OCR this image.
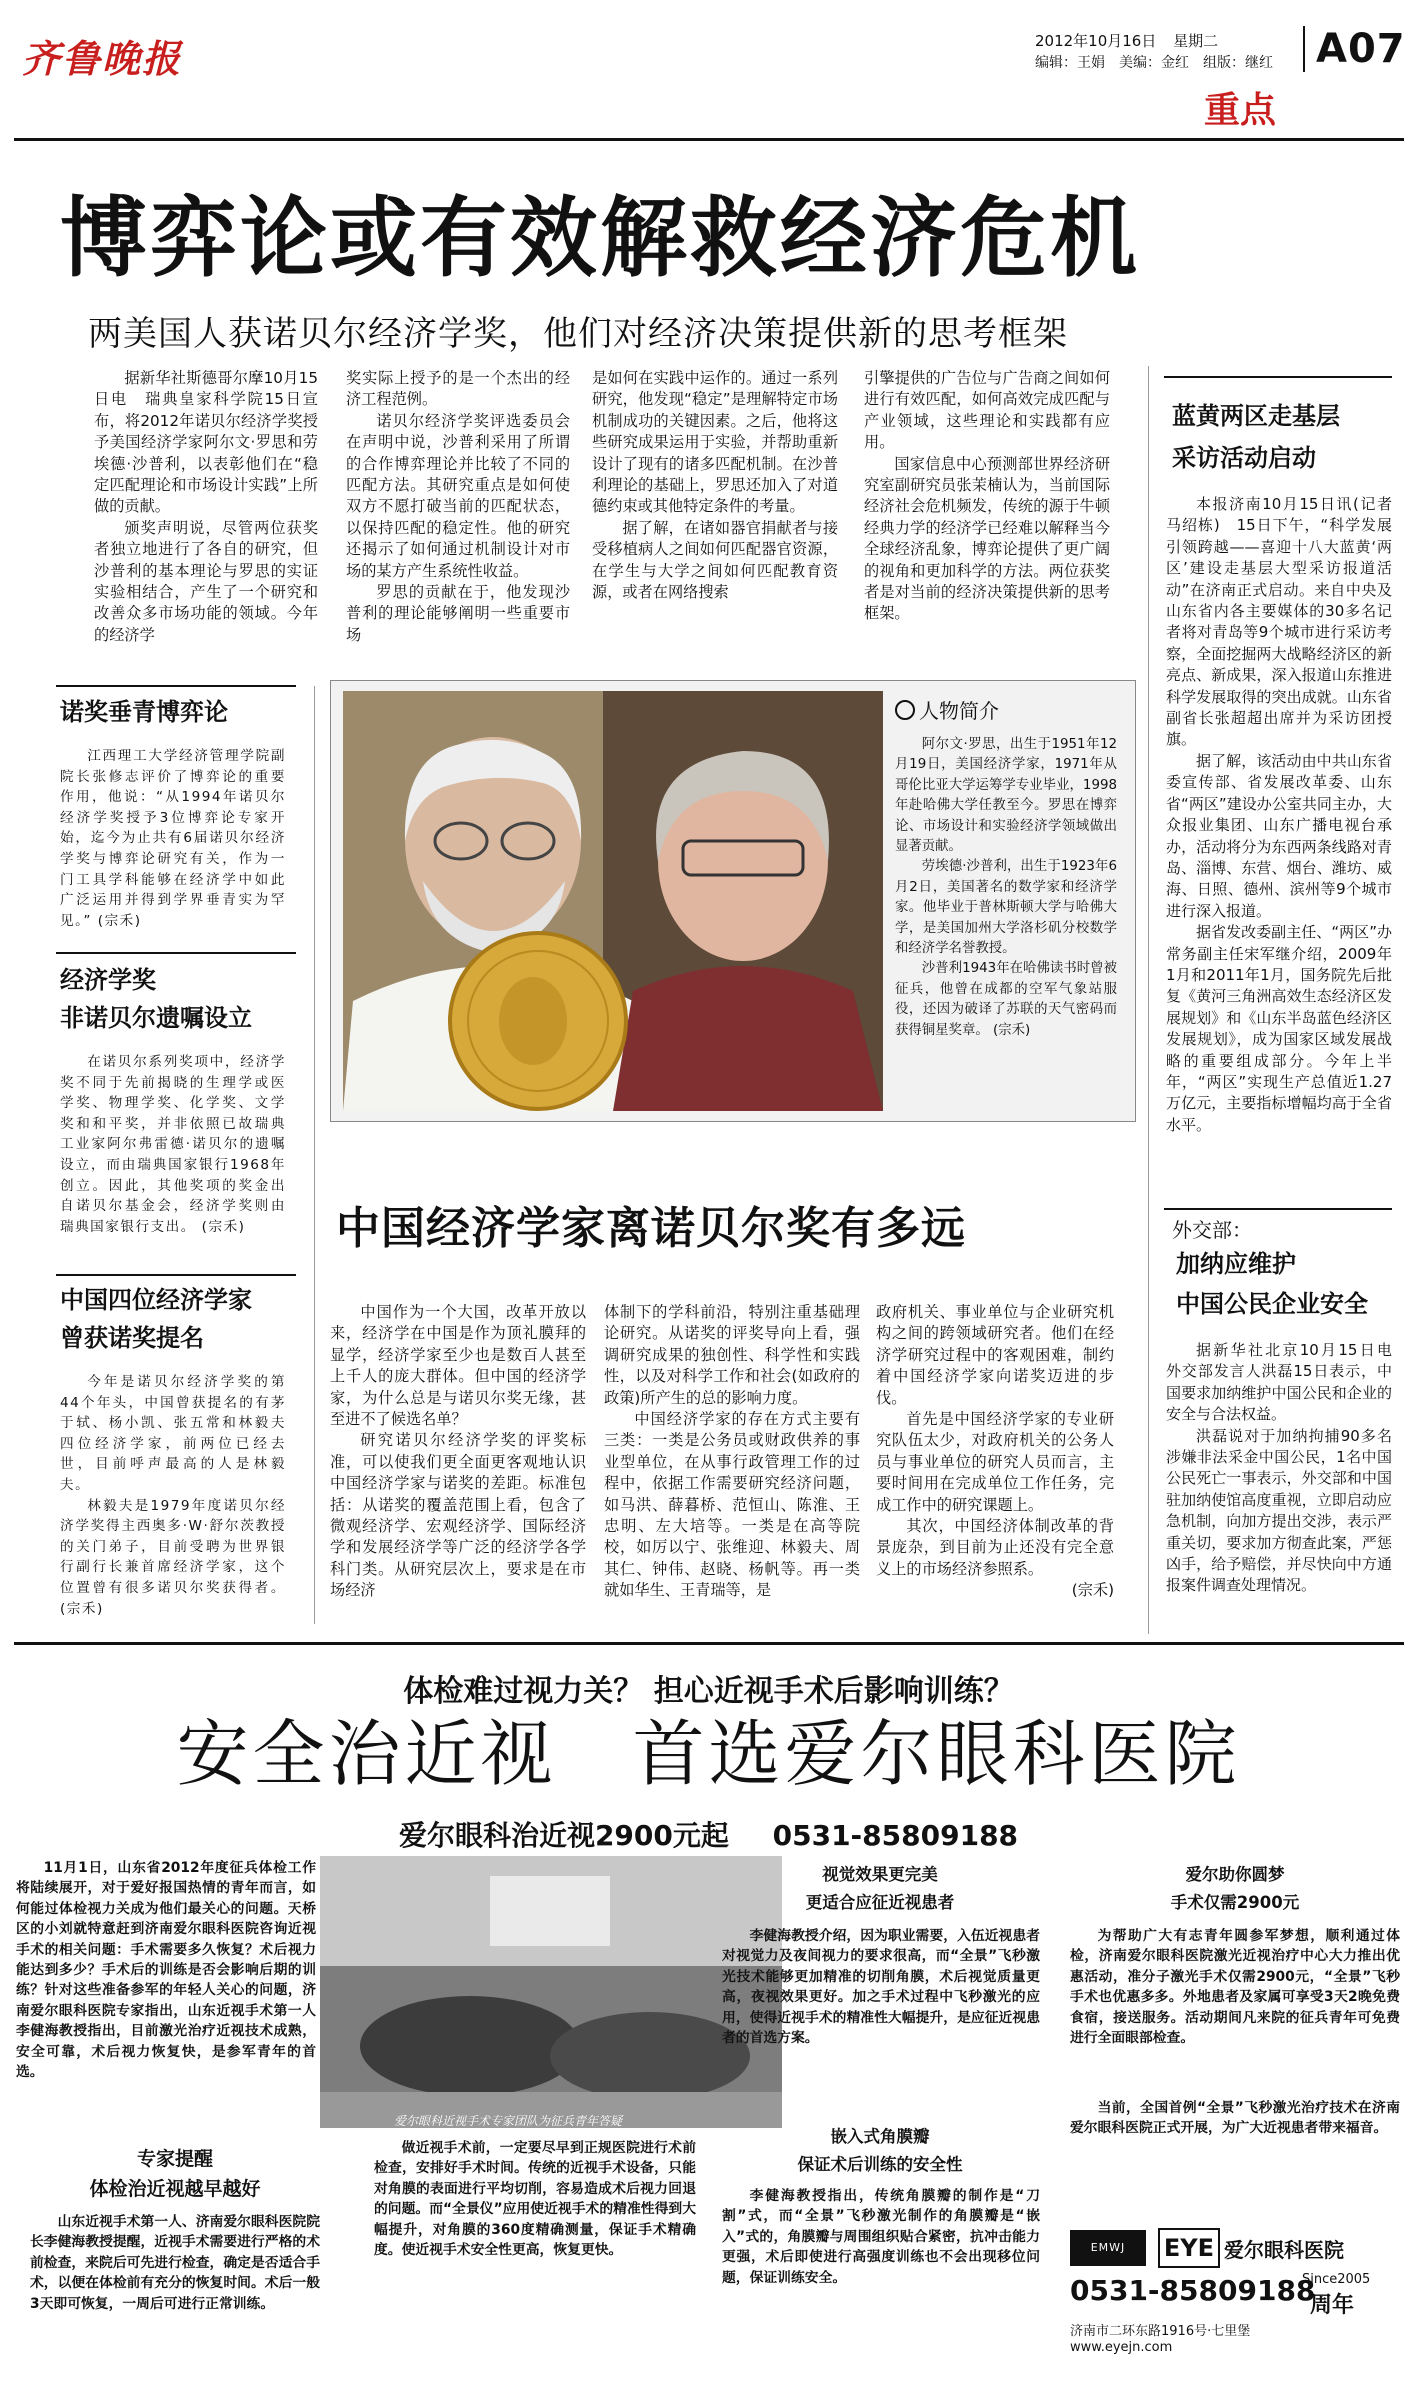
齐鲁晚报	2012年10月16日 星期二
编辑：王娟　美编：金红　组版：继红 A07
重点
博弈论或有效解救经济危机
两美国人获诺贝尔经济学奖，他们对经济决策提供新的思考框架

据新华社斯德哥尔摩10月15日电　瑞典皇家科学院15日宣布，将2012年诺贝尔经济学奖授予美国经济学家阿尔文·罗思和劳埃德·沙普利，以表彰他们在“稳定匹配理论和市场设计实践”上所做的贡献。

颁奖声明说，尽管两位获奖者独立地进行了各自的研究，但沙普利的基本理论与罗思的实证实验相结合，产生了一个研究和改善众多市场功能的领域。今年的经济学

奖实际上授予的是一个杰出的经济工程范例。

诺贝尔经济学奖评选委员会在声明中说，沙普利采用了所谓的合作博弈理论并比较了不同的匹配方法。其研究重点是如何使双方不愿打破当前的匹配状态，以保持匹配的稳定性。他的研究还揭示了如何通过机制设计对市场的某方产生系统性收益。

罗思的贡献在于，他发现沙普利的理论能够阐明一些重要市场

是如何在实践中运作的。通过一系列研究，他发现“稳定”是理解特定市场机制成功的关键因素。之后，他将这些研究成果运用于实验，并帮助重新设计了现有的诸多匹配机制。在沙普利理论的基础上，罗思还加入了对道德约束或其他特定条件的考量。

据了解，在诸如器官捐献者与接受移植病人之间如何匹配器官资源，在学生与大学之间如何匹配教育资源，或者在网络搜索

引擎提供的广告位与广告商之间如何进行有效匹配，如何高效完成匹配与产业领域，这些理论和实践都有应用。

国家信息中心预测部世界经济研究室副研究员张茉楠认为，当前国际经济社会危机频发，传统的源于牛顿经典力学的经济学已经难以解释当今全球经济乱象，博弈论提供了更广阔的视角和更加科学的方法。两位获奖者是对当前的经济决策提供新的思考框架。

诺奖垂青博弈论

江西理工大学经济管理学院副院长张修志评价了博弈论的重要作用，他说：“从1994年诺贝尔经济学奖授予3位博弈论专家开始，迄今为止共有6届诺贝尔经济学奖与博弈论研究有关，作为一门工具学科能够在经济学中如此广泛运用并得到学界垂青实为罕见。” (宗禾)

经济学奖
非诺贝尔遗嘱设立

在诺贝尔系列奖项中，经济学奖不同于先前揭晓的生理学或医学奖、物理学奖、化学奖、文学奖和和平奖，并非依照已故瑞典工业家阿尔弗雷德·诺贝尔的遗嘱设立，而由瑞典国家银行1968年创立。因此，其他奖项的奖金出自诺贝尔基金会，经济学奖则由瑞典国家银行支出。 (宗禾)

中国四位经济学家
曾获诺奖提名

今年是诺贝尔经济学奖的第44个年头，中国曾获提名的有茅于轼、杨小凯、张五常和林毅夫四位经济学家，前两位已经去世，目前呼声最高的人是林毅夫。

林毅夫是1979年度诺贝尔经济学奖得主西奥多·W·舒尔茨教授的关门弟子，目前受聘为世界银行副行长兼首席经济学家，这个位置曾有很多诺贝尔奖获得者。 (宗禾)

人物简介

阿尔文·罗思，出生于1951年12月19日，美国经济学家，1971年从哥伦比亚大学运筹学专业毕业，1998年赴哈佛大学任教至今。罗思在博弈论、市场设计和实验经济学领域做出显著贡献。

劳埃德·沙普利，出生于1923年6月2日，美国著名的数学家和经济学家。他毕业于普林斯顿大学与哈佛大学，是美国加州大学洛杉矶分校数学和经济学名誉教授。

沙普利1943年在哈佛读书时曾被征兵，他曾在成都的空军气象站服役，还因为破译了苏联的天气密码而获得铜星奖章。 (宗禾)

中国经济学家离诺贝尔奖有多远

中国作为一个大国，改革开放以来，经济学在中国是作为顶礼膜拜的显学，经济学家至少也是数百人甚至上千人的庞大群体。但中国的经济学家，为什么总是与诺贝尔奖无缘，甚至进不了候选名单？

研究诺贝尔经济学奖的评奖标准，可以使我们更全面更客观地认识中国经济学家与诺奖的差距。标准包括：从诺奖的覆盖范围上看，包含了微观经济学、宏观经济学、国际经济学和发展经济学等广泛的经济学各学科门类。从研究层次上，要求是在市场经济

体制下的学科前沿，特别注重基础理论研究。从诺奖的评奖导向上看，强调研究成果的独创性、科学性和实践性，以及对科学工作和社会(如政府的政策)所产生的总的影响力度。

中国经济学家的存在方式主要有三类：一类是公务员或财政供养的事业型单位，在从事行政管理工作的过程中，依据工作需要研究经济问题，如马洪、薛暮桥、范恒山、陈淮、王忠明、左大培等。一类是在高等院校，如厉以宁、张维迎、林毅夫、周其仁、钟伟、赵晓、杨帆等。再一类就如华生、王青瑞等，是

政府机关、事业单位与企业研究机构之间的跨领域研究者。他们在经济学研究过程中的客观困难，制约着中国经济学家向诺奖迈进的步伐。

首先是中国经济学家的专业研究队伍太少，对政府机关的公务人员与事业单位的研究人员而言，主要时间用在完成单位工作任务，完成工作中的研究课题上。

其次，中国经济体制改革的背景庞杂，到目前为止还没有完全意义上的市场经济参照系。

(宗禾)

蓝黄两区走基层
采访活动启动

本报济南10月15日讯(记者　马绍栋)　15日下午，“科学发展引领跨越——喜迎十八大蓝黄‘两区’建设走基层大型采访报道活动”在济南正式启动。来自中央及山东省内各主要媒体的30多名记者将对青岛等9个城市进行采访考察，全面挖掘两大战略经济区的新亮点、新成果，深入报道山东推进科学发展取得的突出成就。山东省副省长张超超出席并为采访团授旗。

据了解，该活动由中共山东省委宣传部、省发展改革委、山东省“两区”建设办公室共同主办，大众报业集团、山东广播电视台承办，活动将分为东西两条线路对青岛、淄博、东营、烟台、潍坊、威海、日照、德州、滨州等9个城市进行深入报道。

据省发改委副主任、“两区”办常务副主任宋军继介绍，2009年1月和2011年1月，国务院先后批复《黄河三角洲高效生态经济区发展规划》和《山东半岛蓝色经济区发展规划》，成为国家区域发展战略的重要组成部分。今年上半年，“两区”实现生产总值近1.27万亿元，主要指标增幅均高于全省水平。

外交部：
加纳应维护
中国公民企业安全

据新华社北京10月15日电　外交部发言人洪磊15日表示，中国要求加纳维护中国公民和企业的安全与合法权益。

洪磊说对于加纳拘捕90多名涉嫌非法采金中国公民，1名中国公民死亡一事表示，外交部和中国驻加纳使馆高度重视，立即启动应急机制，向加方提出交涉，表示严重关切，要求加方彻查此案，严惩凶手，给予赔偿，并尽快向中方通报案件调查处理情况。

体检难过视力关？ 担心近视手术后影响训练？
安全治近视　首选爱尔眼科医院
爱尔眼科治近视2900元起 0531-85809188

11月1日，山东省2012年度征兵体检工作将陆续展开，对于爱好报国热情的青年而言，如何能过体检视力关成为他们最关心的问题。天桥区的小刘就特意赶到济南爱尔眼科医院咨询近视手术的相关问题：手术需要多久恢复？术后视力能达到多少？手术后的训练是否会影响后期的训练？针对这些准备参军的年轻人关心的问题，济南爱尔眼科医院专家指出，山东近视手术第一人李健海教授指出，目前激光治疗近视技术成熟，安全可靠，术后视力恢复快，是参军青年的首选。

爱尔眼科近视手术专家团队为征兵青年答疑
专家提醒
体检治近视越早越好

山东近视手术第一人、济南爱尔眼科医院院长李健海教授提醒，近视手术需要进行严格的术前检查，来院后可先进行检查，确定是否适合手术，以便在体检前有充分的恢复时间。术后一般3天即可恢复，一周后可进行正常训练。

做近视手术前，一定要尽早到正规医院进行术前检查，安排好手术时间。传统的近视手术设备，只能对角膜的表面进行平均切削，容易造成术后视力回退的问题。而“全景仪”应用使近视手术的精准性得到大幅提升，对角膜的360度精确测量，保证手术精确度。使近视手术安全性更高，恢复更快。

视觉效果更完美
更适合应征近视患者

李健海教授介绍，因为职业需要，入伍近视患者对视觉力及夜间视力的要求很高，而“全景”飞秒激光技术能够更加精准的切削角膜，术后视觉质量更高，夜视效果更好。加之手术过程中飞秒激光的应用，使得近视手术的精准性大幅提升，是应征近视患者的首选方案。

嵌入式角膜瓣
保证术后训练的安全性

李健海教授指出，传统角膜瓣的制作是“刀割”式，而“全景”飞秒激光制作的角膜瓣是“嵌入”式的，角膜瓣与周围组织贴合紧密，抗冲击能力更强，术后即使进行高强度训练也不会出现移位问题，保证训练安全。

爱尔助你圆梦
手术仅需2900元

为帮助广大有志青年圆参军梦想，顺利通过体检，济南爱尔眼科医院激光近视治疗中心大力推出优惠活动，准分子激光手术仅需2900元，“全景”飞秒手术也优惠多多。外地患者及家属可享受3天2晚免费食宿，接送服务。活动期间凡来院的征兵青年可免费进行全面眼部检查。

当前，全国首例“全景”飞秒激光治疗技术在济南爱尔眼科医院正式开展，为广大近视患者带来福音。

EMWJ	EYE 爱尔眼科医院
0531-85809188
Since2005
周年
济南市二环东路1916号·七里堡
www.eyejn.com
